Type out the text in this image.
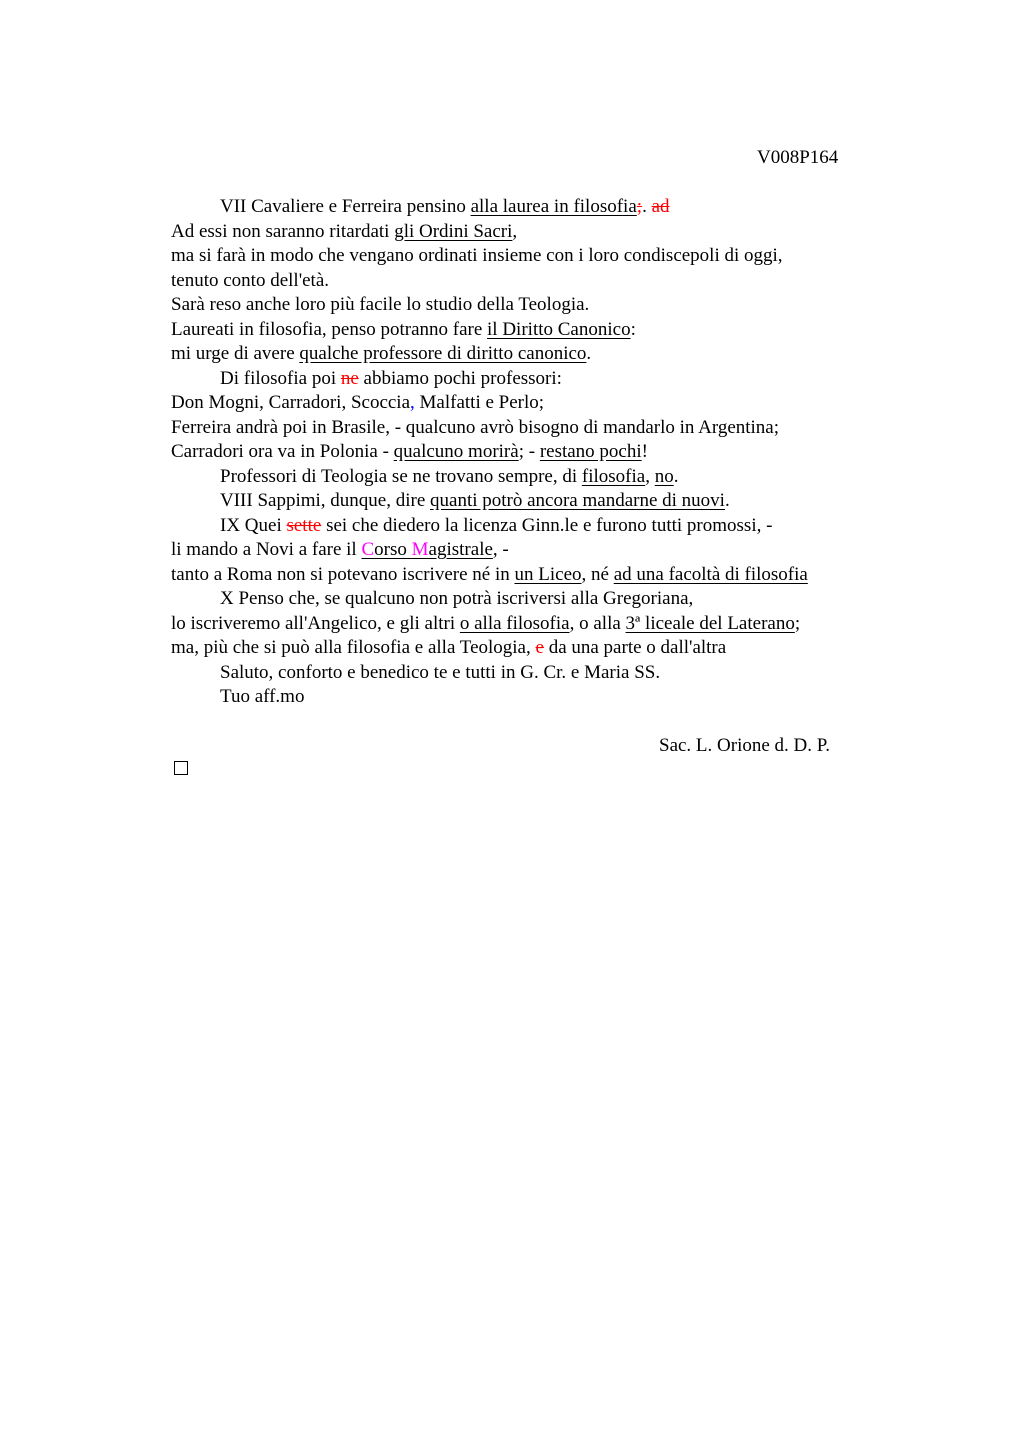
V008P164
VII Cavaliere e Ferreira pensino alla laurea in filosofia;. ad
Ad essi non saranno ritardati gli Ordini Sacri,
ma si farà in modo che vengano ordinati insieme con i loro condiscepoli di oggi,
tenuto conto dell'età.
Sarà reso anche loro più facile lo studio della Teologia.
Laureati in filosofia, penso potranno fare il Diritto Canonico:
mi urge di avere qualche professore di diritto canonico.
Di filosofia poi ne abbiamo pochi professori:
Don Mogni, Carradori, Scoccia, Malfatti e Perlo;
Ferreira andrà poi in Brasile, - qualcuno avrò bisogno di mandarlo in Argentina;
Carradori ora va in Polonia - qualcuno morirà; - restano pochi!
Professori di Teologia se ne trovano sempre, di filosofia, no.
VIII Sappimi, dunque, dire quanti potrò ancora mandarne di nuovi.
IX Quei sette sei che diedero la licenza Ginn.le e furono tutti promossi, -
li mando a Novi a fare il Corso Magistrale, -
tanto a Roma non si potevano iscrivere né in un Liceo, né ad una facoltà di filosofia
X Penso che, se qualcuno non potrà iscriversi alla Gregoriana,
lo iscriveremo all'Angelico, e gli altri o alla filosofia, o alla 3ª liceale del Laterano;
ma, più che si può alla filosofia e alla Teologia, e da una parte o dall'altra
Saluto, conforto e benedico te e tutti in G. Cr. e Maria SS.
Tuo aff.mo
Sac. L. Orione d. D. P.
